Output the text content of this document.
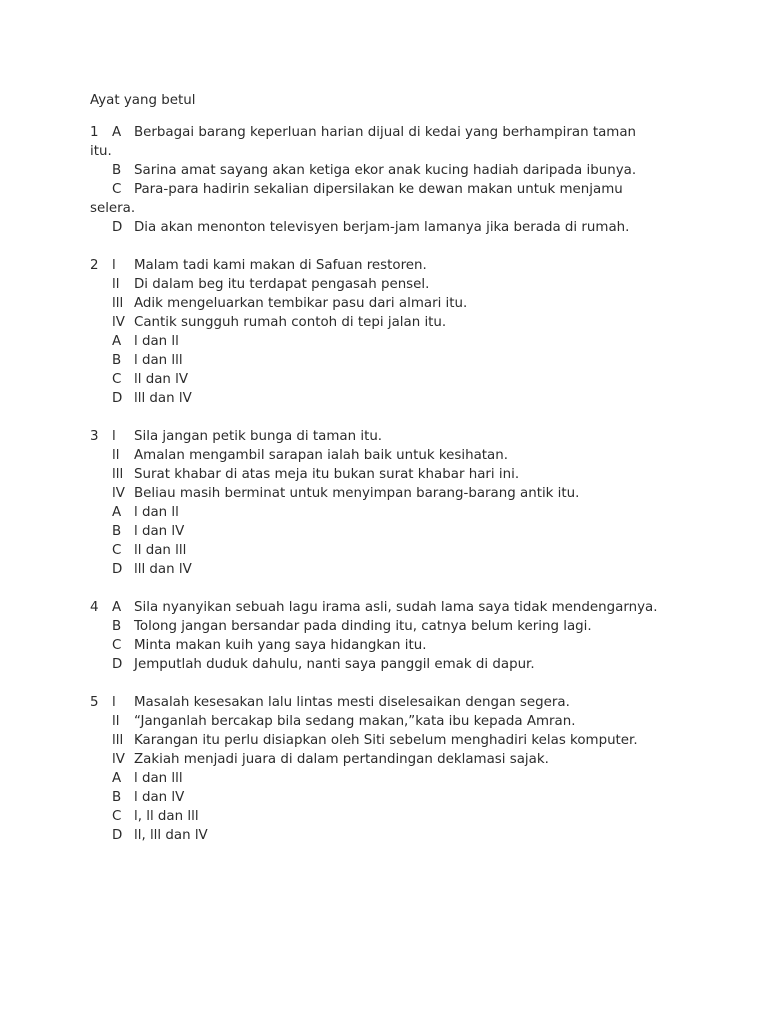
Ayat yang betul
1 A Berbagai barang keperluan harian dijual di kedai yang berhampiran taman
itu.
B Sarina amat sayang akan ketiga ekor anak kucing hadiah daripada ibunya.
C Para-para hadirin sekalian dipersilakan ke dewan makan untuk menjamu
selera.
D Dia akan menonton televisyen berjam-jam lamanya jika berada di rumah.
2 l Malam tadi kami makan di Safuan restoren.
ll Di dalam beg itu terdapat pengasah pensel.
lll Adik mengeluarkan tembikar pasu dari almari itu.
lV Cantik sungguh rumah contoh di tepi jalan itu.
A l dan ll
B l dan lll
C ll dan lV
D lll dan lV
3 l Sila jangan petik bunga di taman itu.
ll Amalan mengambil sarapan ialah baik untuk kesihatan.
lll Surat khabar di atas meja itu bukan surat khabar hari ini.
lV Beliau masih berminat untuk menyimpan barang-barang antik itu.
A l dan ll
B l dan lV
C ll dan lll
D lll dan lV
4 A Sila nyanyikan sebuah lagu irama asli, sudah lama saya tidak mendengarnya.
B Tolong jangan bersandar pada dinding itu, catnya belum kering lagi.
C Minta makan kuih yang saya hidangkan itu.
D Jemputlah duduk dahulu, nanti saya panggil emak di dapur.
5 l Masalah kesesakan lalu lintas mesti diselesaikan dengan segera.
ll “Janganlah bercakap bila sedang makan,”kata ibu kepada Amran.
lll Karangan itu perlu disiapkan oleh Siti sebelum menghadiri kelas komputer.
lV Zakiah menjadi juara di dalam pertandingan deklamasi sajak.
A l dan lll
B l dan lV
C l, ll dan lll
D ll, lll dan lV
